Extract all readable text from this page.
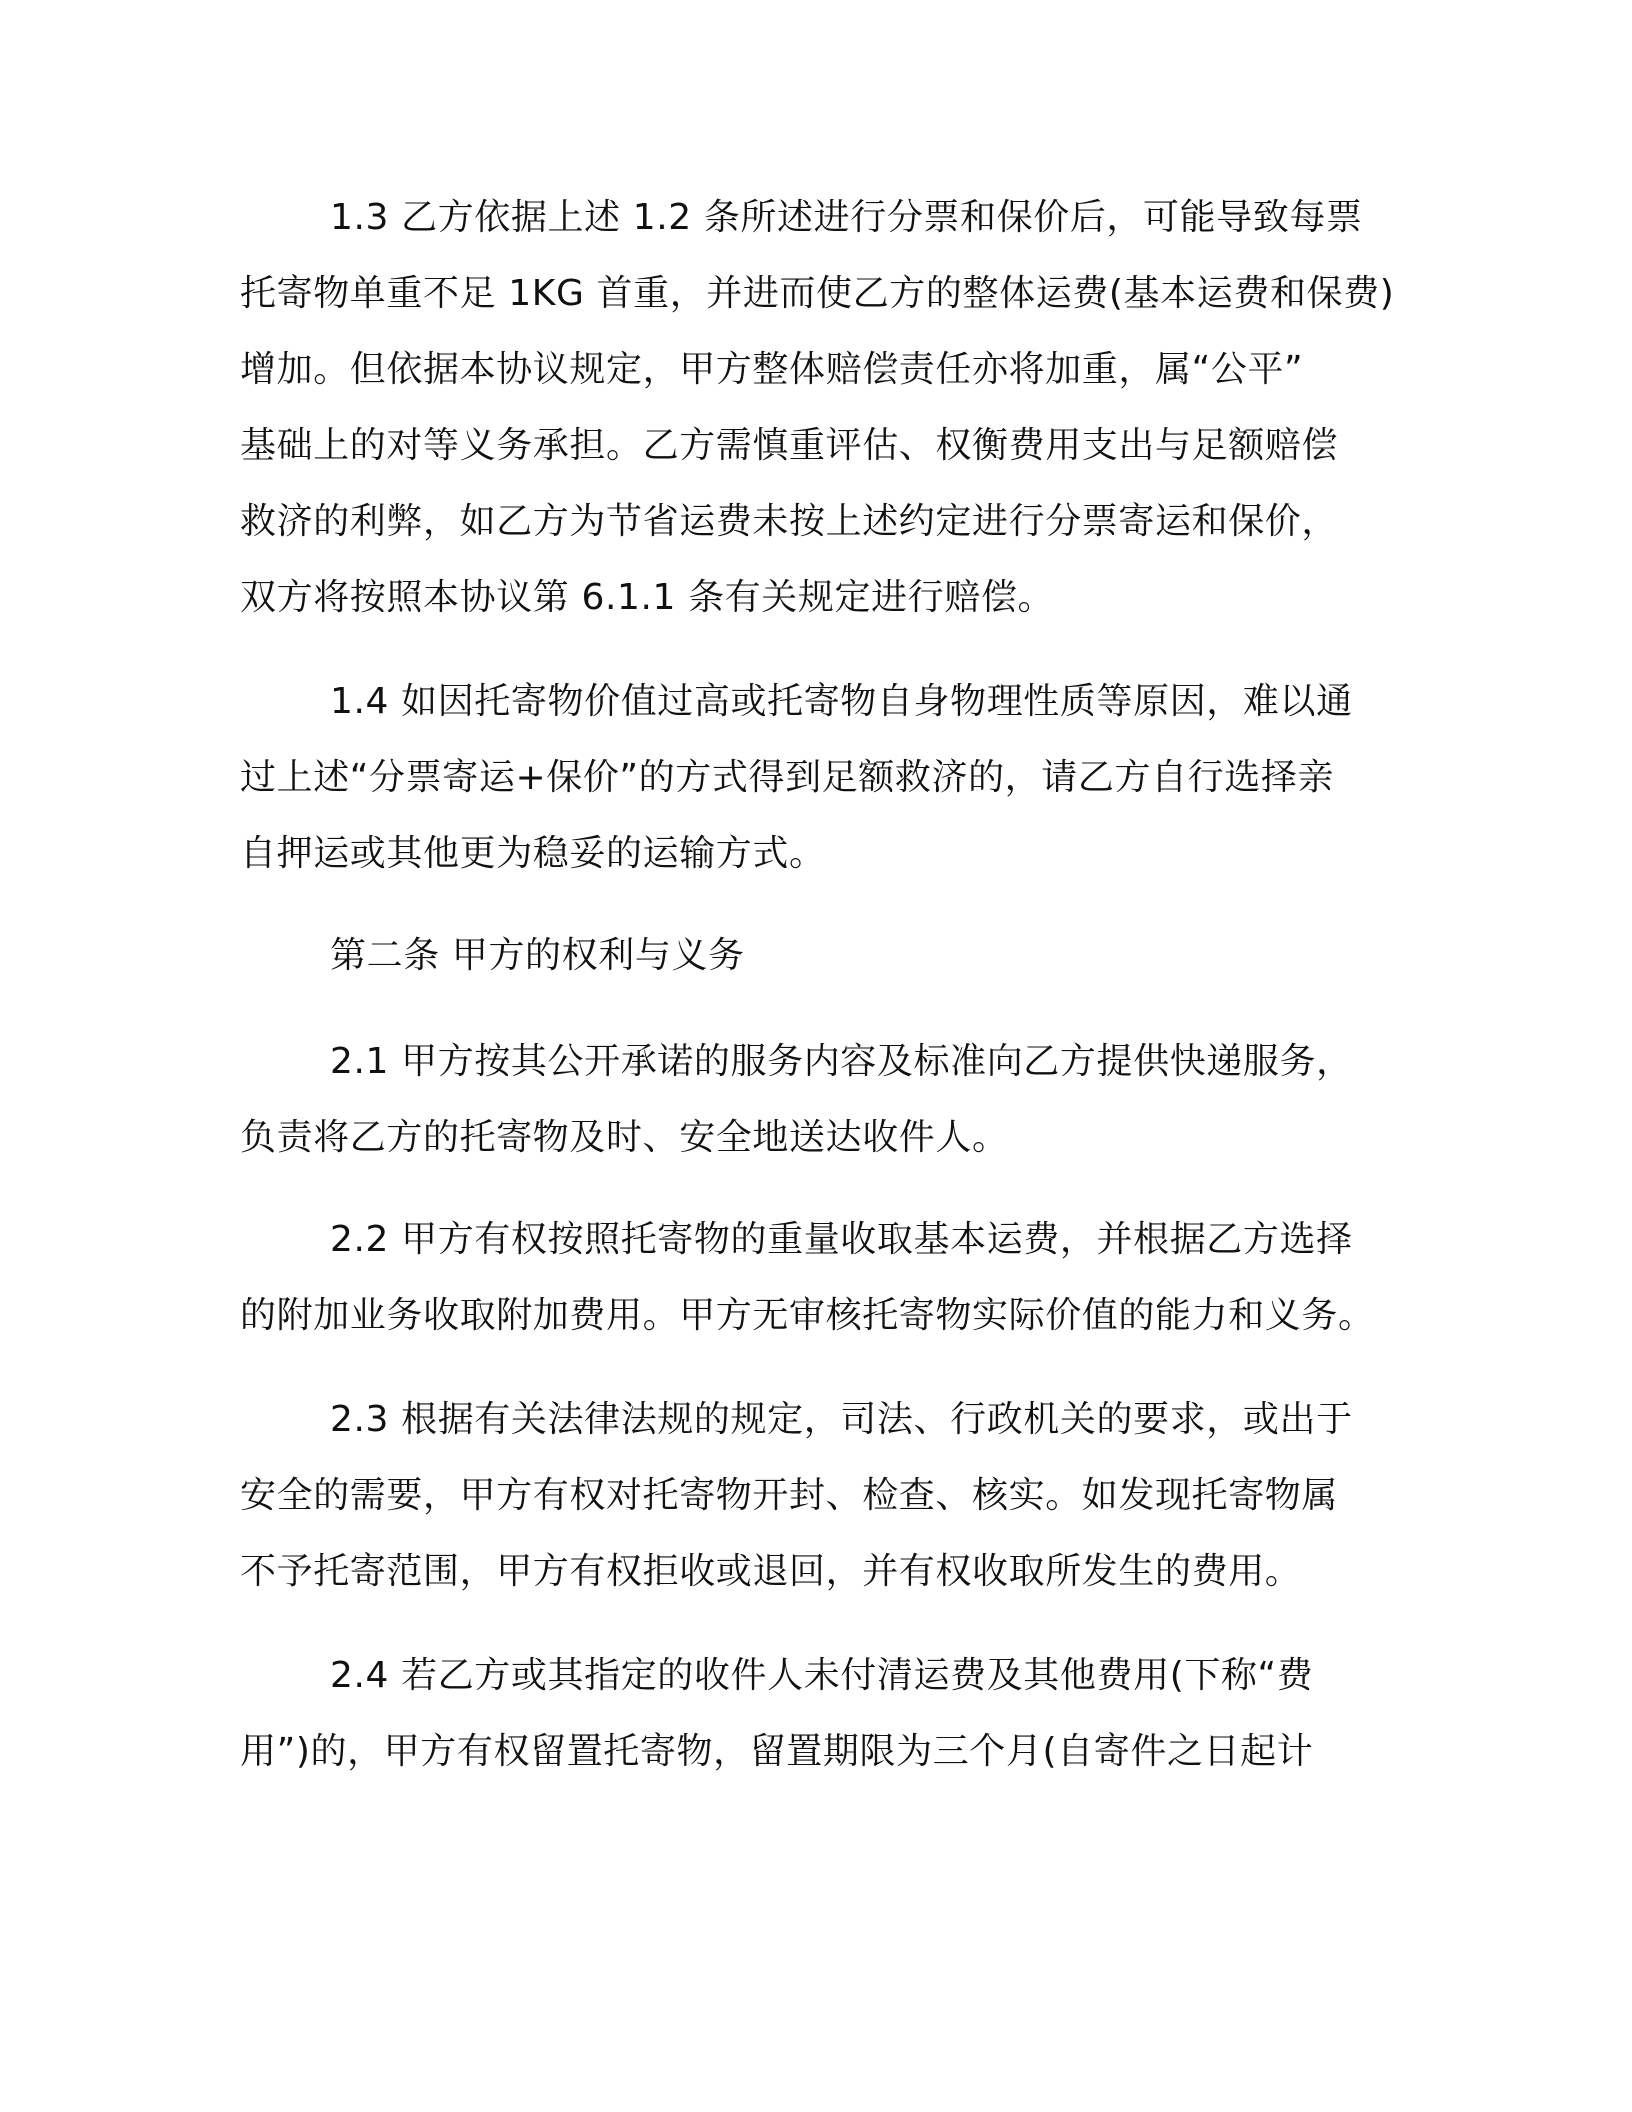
1.3 乙方依据上述 1.2 条所述进行分票和保价后，可能导致每票
托寄物单重不足 1KG 首重，并进而使乙方的整体运费(基本运费和保费)
增加。但依据本协议规定，甲方整体赔偿责任亦将加重，属“公平”
基础上的对等义务承担。乙方需慎重评估、权衡费用支出与足额赔偿
救济的利弊，如乙方为节省运费未按上述约定进行分票寄运和保价，
双方将按照本协议第 6.1.1 条有关规定进行赔偿。
1.4 如因托寄物价值过高或托寄物自身物理性质等原因，难以通
过上述“分票寄运+保价”的方式得到足额救济的，请乙方自行选择亲
自押运或其他更为稳妥的运输方式。
第二条 甲方的权利与义务
2.1 甲方按其公开承诺的服务内容及标准向乙方提供快递服务，
负责将乙方的托寄物及时、安全地送达收件人。
2.2 甲方有权按照托寄物的重量收取基本运费，并根据乙方选择
的附加业务收取附加费用。甲方无审核托寄物实际价值的能力和义务。
2.3 根据有关法律法规的规定，司法、行政机关的要求，或出于
安全的需要，甲方有权对托寄物开封、检查、核实。如发现托寄物属
不予托寄范围，甲方有权拒收或退回，并有权收取所发生的费用。
2.4 若乙方或其指定的收件人未付清运费及其他费用(下称“费
用”)的，甲方有权留置托寄物，留置期限为三个月(自寄件之日起计
